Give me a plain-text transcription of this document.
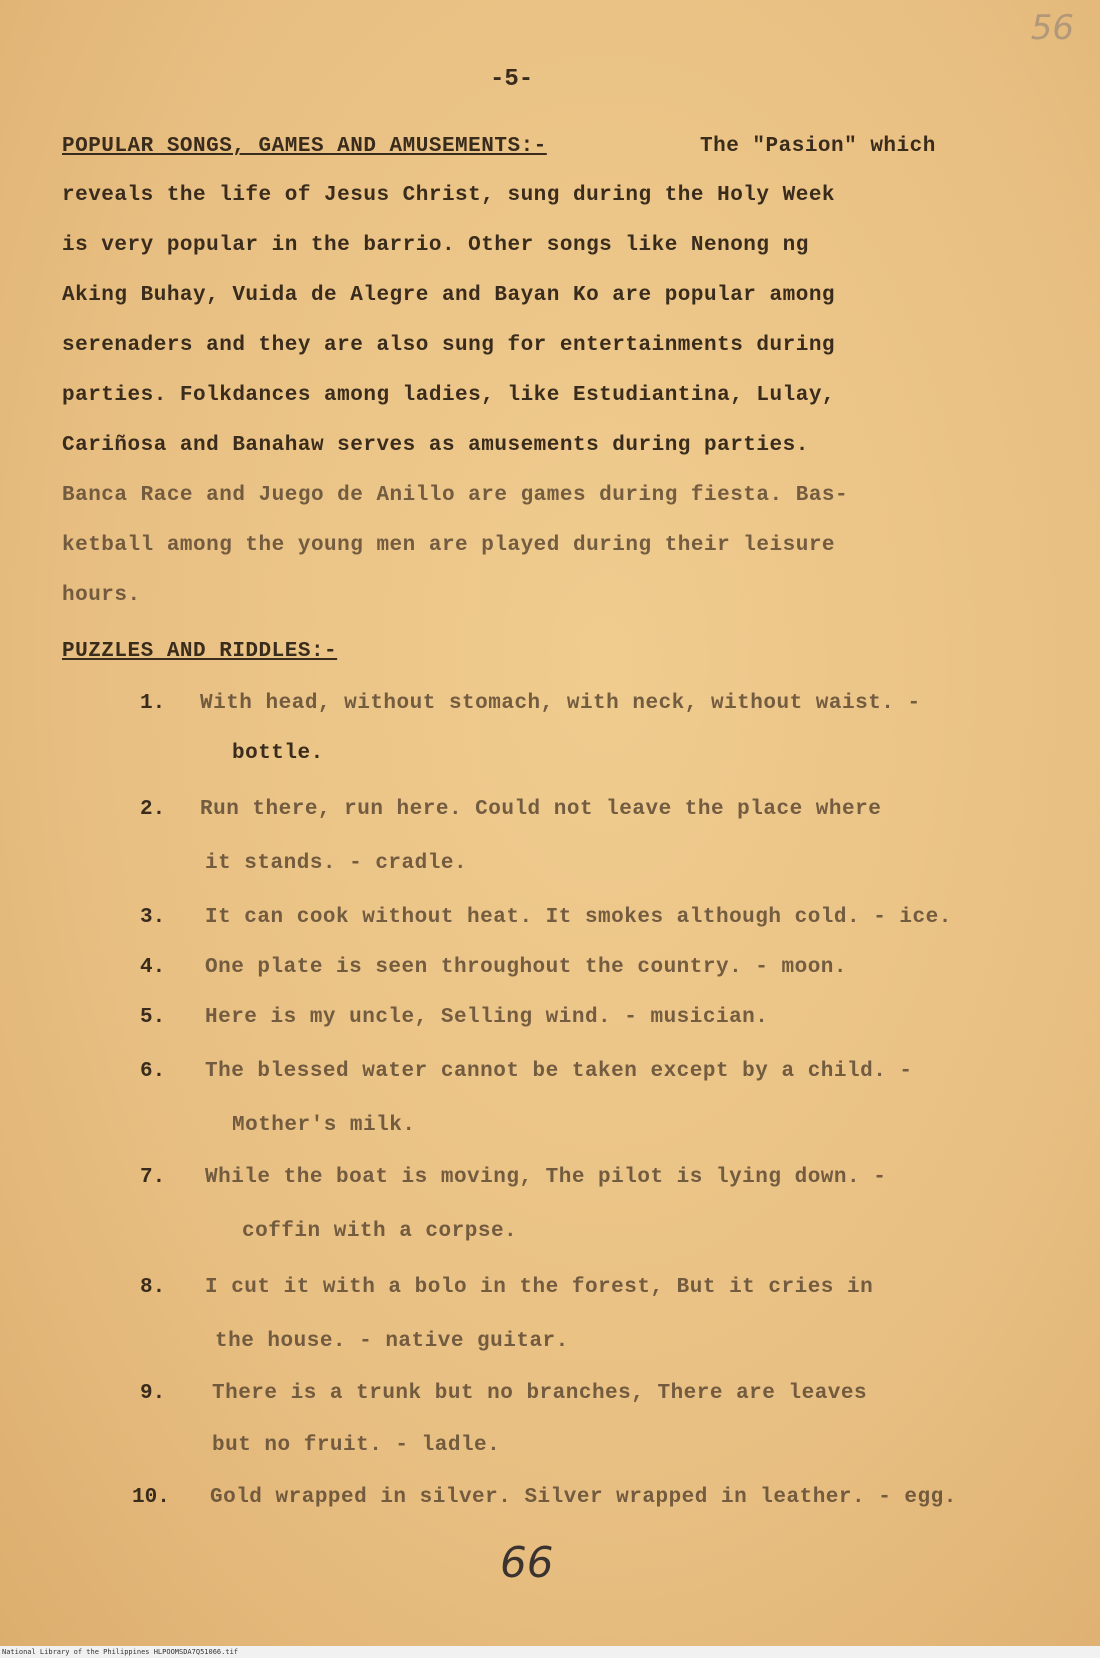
56
-5-
POPULAR SONGS, GAMES AND AMUSEMENTS:-	The "Pasion" which
reveals the life of Jesus Christ, sung during the Holy Week
is very popular in the barrio. Other songs like Nenong ng
Aking Buhay, Vuida de Alegre and Bayan Ko are popular among
serenaders and they are also sung for entertainments during
parties. Folkdances among ladies, like Estudiantina, Lulay,
Cariñosa and Banahaw serves as amusements during parties.
Banca Race and Juego de Anillo are games during fiesta. Bas-
ketball among the young men are played during their leisure
hours.
PUZZLES AND RIDDLES:-
1. With head, without stomach, with neck, without waist. -
bottle.
2. Run there, run here. Could not leave the place where
it stands. - cradle.
3. It can cook without heat. It smokes although cold. - ice.
4. One plate is seen throughout the country. - moon.
5. Here is my uncle, Selling wind. - musician.
6. The blessed water cannot be taken except by a child. -
Mother's milk.
7. While the boat is moving, The pilot is lying down. -
coffin with a corpse.
8. I cut it with a bolo in the forest, But it cries in
the house. - native guitar.
9. There is a trunk but no branches, There are leaves
but no fruit. - ladle.
10. Gold wrapped in silver. Silver wrapped in leather. - egg.
66
National Library of the Philippines HLPOOMSDA7Q51066.tif
